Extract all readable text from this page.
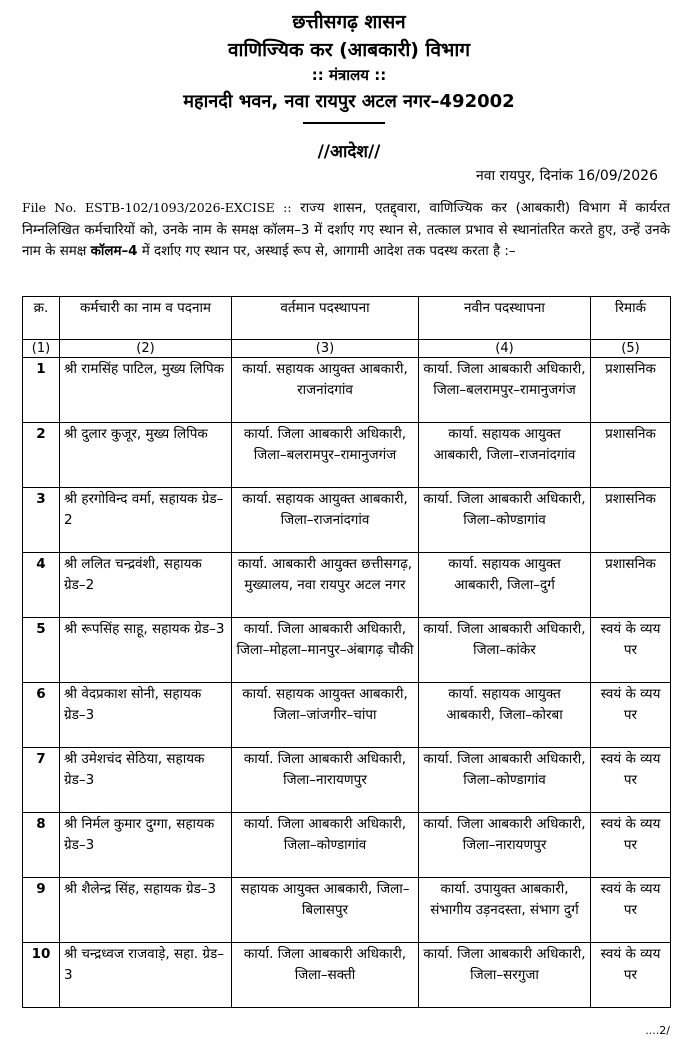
छत्तीसगढ़ शासन
वाणिज्यिक कर (आबकारी) विभाग
:: मंत्रालय ::
महानदी भवन, नवा रायपुर अटल नगर–492002
//आदेश//
नवा रायपुर, दिनांक 16/09/2026
File No. ESTB-102/1093/2026-EXCISE :: राज्य शासन, एतद्द्वारा, वाणिज्यिक कर (आबकारी) विभाग में कार्यरत निम्नलिखित कर्मचारियों को, उनके नाम के समक्ष कॉलम–3 में दर्शाए गए स्थान से, तत्काल प्रभाव से स्थानांतरित करते हुए, उन्हें उनके नाम के समक्ष कॉलम–4 में दर्शाए गए स्थान पर, अस्थाई रूप से, आगामी आदेश तक पदस्थ करता है :–
क्र.	कर्मचारी का नाम व पदनाम	वर्तमान पदस्थापना	नवीन पदस्थापना	रिमार्क
(1)	(2)	(3)	(4)	(5)
1	श्री रामसिंह पाटिल, मुख्य लिपिक	कार्या. सहायक आयुक्त आबकारी, राजनांदगांव	कार्या. जिला आबकारी अधिकारी, जिला–बलरामपुर–रामानुजगंज	प्रशासनिक
2	श्री दुलार कुजूर, मुख्य लिपिक	कार्या. जिला आबकारी अधिकारी, जिला–बलरामपुर–रामानुजगंज	कार्या. सहायक आयुक्त आबकारी, जिला–राजनांदगांव	प्रशासनिक
3	श्री हरगोविन्द वर्मा, सहायक ग्रेड–2	कार्या. सहायक आयुक्त आबकारी, जिला–राजनांदगांव	कार्या. जिला आबकारी अधिकारी, जिला–कोण्डागांव	प्रशासनिक
4	श्री ललित चन्द्रवंशी, सहायक ग्रेड–2	कार्या. आबकारी आयुक्त छत्तीसगढ़, मुख्यालय, नवा रायपुर अटल नगर	कार्या. सहायक आयुक्त आबकारी, जिला–दुर्ग	प्रशासनिक
5	श्री रूपसिंह साहू, सहायक ग्रेड–3	कार्या. जिला आबकारी अधिकारी, जिला–मोहला–मानपुर–अंबागढ़ चौकी	कार्या. जिला आबकारी अधिकारी, जिला–कांकेर	स्वयं के व्यय पर
6	श्री वेदप्रकाश सोनी, सहायक ग्रेड–3	कार्या. सहायक आयुक्त आबकारी, जिला–जांजगीर–चांपा	कार्या. सहायक आयुक्त आबकारी, जिला–कोरबा	स्वयं के व्यय पर
7	श्री उमेशचंद सेठिया, सहायक ग्रेड–3	कार्या. जिला आबकारी अधिकारी, जिला–नारायणपुर	कार्या. जिला आबकारी अधिकारी, जिला–कोण्डागांव	स्वयं के व्यय पर
8	श्री निर्मल कुमार दुग्गा, सहायक ग्रेड–3	कार्या. जिला आबकारी अधिकारी, जिला–कोण्डागांव	कार्या. जिला आबकारी अधिकारी, जिला–नारायणपुर	स्वयं के व्यय पर
9	श्री शैलेन्द्र सिंह, सहायक ग्रेड–3	सहायक आयुक्त आबकारी, जिला–बिलासपुर	कार्या. उपायुक्त आबकारी, संभागीय उड़नदस्ता, संभाग दुर्ग	स्वयं के व्यय पर
10	श्री चन्द्रध्वज राजवाड़े, सहा. ग्रेड–3	कार्या. जिला आबकारी अधिकारी, जिला–सक्ती	कार्या. जिला आबकारी अधिकारी, जिला–सरगुजा	स्वयं के व्यय पर
....2/
